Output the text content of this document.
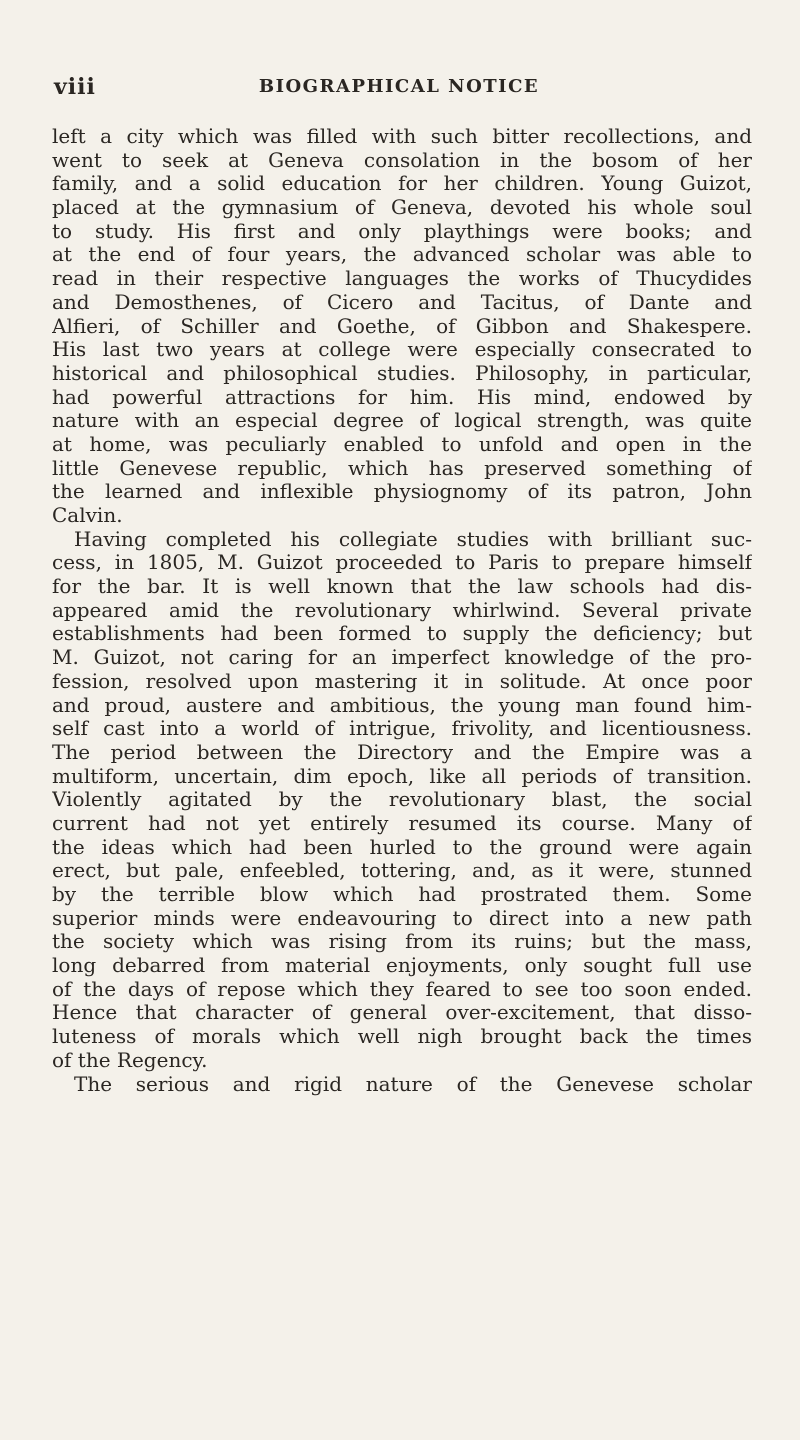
viii	BIOGRAPHICAL NOTICE
left a city which was filled with such bitter recollections, and
went to seek at Geneva consolation in the bosom of her
family, and a solid education for her children. Young Guizot,
placed at the gymnasium of Geneva, devoted his whole soul
to study. His first and only playthings were books; and
at the end of four years, the advanced scholar was able to
read in their respective languages the works of Thucydides
and Demosthenes, of Cicero and Tacitus, of Dante and
Alfieri, of Schiller and Goethe, of Gibbon and Shakespere.
His last two years at college were especially consecrated to
historical and philosophical studies. Philosophy, in particular,
had powerful attractions for him. His mind, endowed by
nature with an especial degree of logical strength, was quite
at home, was peculiarly enabled to unfold and open in the
little Genevese republic, which has preserved something of
the learned and inflexible physiognomy of its patron, John
Calvin.
Having completed his collegiate studies with brilliant suc-
cess, in 1805, M. Guizot proceeded to Paris to prepare himself
for the bar. It is well known that the law schools had dis-
appeared amid the revolutionary whirlwind. Several private
establishments had been formed to supply the deficiency; but
M. Guizot, not caring for an imperfect knowledge of the pro-
fession, resolved upon mastering it in solitude. At once poor
and proud, austere and ambitious, the young man found him-
self cast into a world of intrigue, frivolity, and licentiousness.
The period between the Directory and the Empire was a
multiform, uncertain, dim epoch, like all periods of transition.
Violently agitated by the revolutionary blast, the social
current had not yet entirely resumed its course. Many of
the ideas which had been hurled to the ground were again
erect, but pale, enfeebled, tottering, and, as it were, stunned
by the terrible blow which had prostrated them. Some
superior minds were endeavouring to direct into a new path
the society which was rising from its ruins; but the mass,
long debarred from material enjoyments, only sought full use
of the days of repose which they feared to see too soon ended.
Hence that character of general over-excitement, that disso-
luteness of morals which well nigh brought back the times
of the Regency.
The serious and rigid nature of the Genevese scholar
